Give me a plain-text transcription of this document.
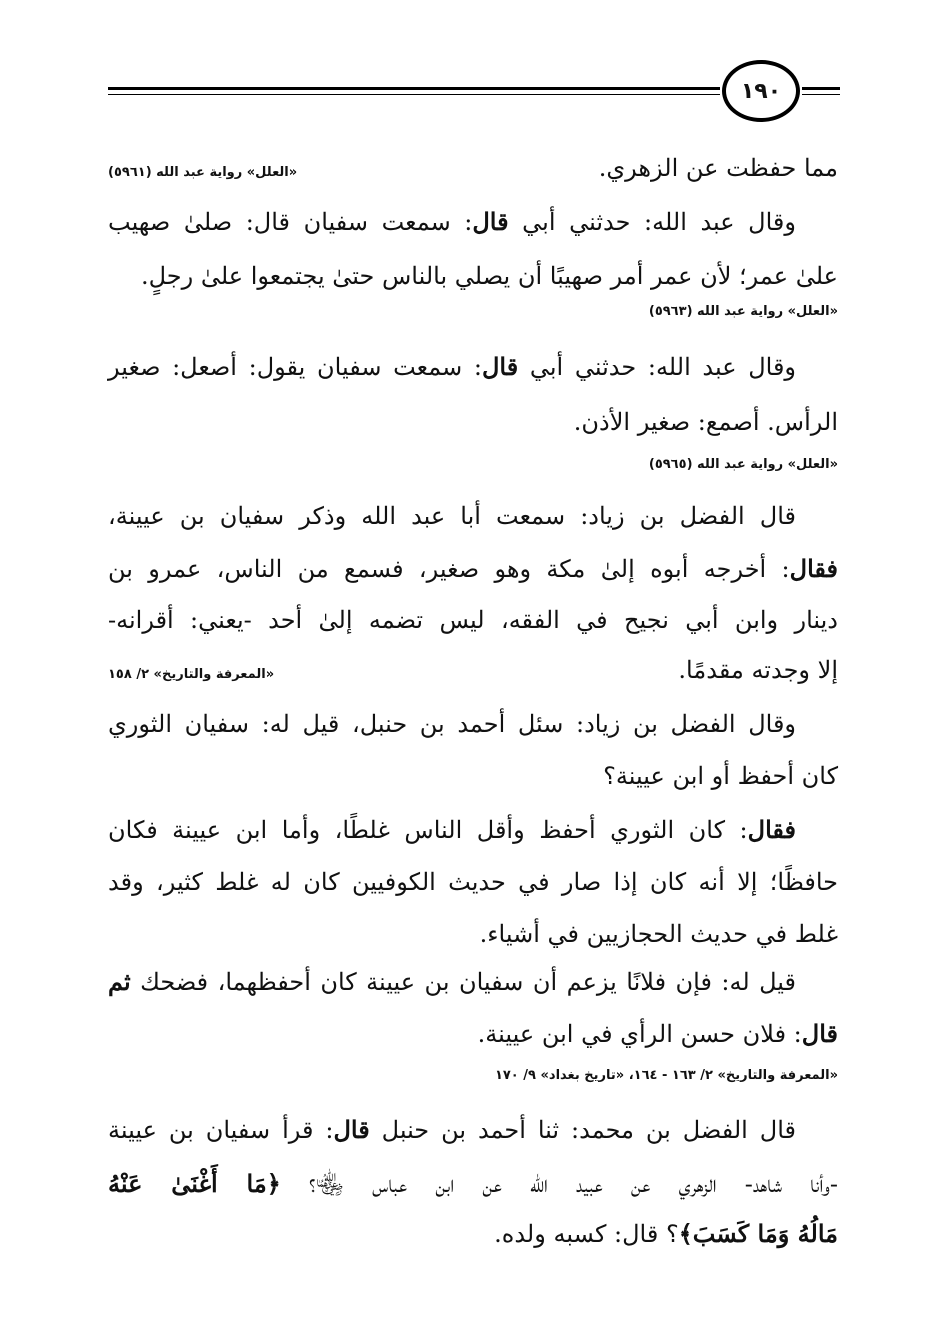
١٩٠
مما حفظت عن الزهري.
«العلل» رواية عبد الله (٥٩٦١)
وقال عبد الله: حدثني أبي قال: سمعت سفيان قال: صلىٰ صهيب
علىٰ عمر؛ لأن عمر أمر صهيبًا أن يصلي بالناس حتىٰ يجتمعوا علىٰ رجلٍ.
«العلل» رواية عبد الله (٥٩٦٣)
وقال عبد الله: حدثني أبي قال: سمعت سفيان يقول: أصعل: صغير
الرأس. أصمع: صغير الأذن.
«العلل» رواية عبد الله (٥٩٦٥)
قال الفضل بن زياد: سمعت أبا عبد الله وذكر سفيان بن عيينة،
فقال: أخرجه أبوه إلىٰ مكة وهو صغير، فسمع من الناس، عمرو بن
دينار وابن أبي نجيح في الفقه، ليس تضمه إلىٰ أحد -يعني: أقرانه-
إلا وجدته مقدمًا.
«المعرفة والتاريخ» ٢/ ١٥٨
وقال الفضل بن زياد: سئل أحمد بن حنبل، قيل له: سفيان الثوري
كان أحفظ أو ابن عيينة؟
فقال: كان الثوري أحفظ وأقل الناس غلطًا، وأما ابن عيينة فكان
حافظًا؛ إلا أنه كان إذا صار في حديث الكوفيين كان له غلط كثير، وقد
غلط في حديث الحجازيين في أشياء.
قيل له: فإن فلانًا يزعم أن سفيان بن عيينة كان أحفظهما، فضحك ثم
قال: فلان حسن الرأي في ابن عيينة.
«المعرفة والتاريخ» ٢/ ١٦٣ - ١٦٤، «تاريخ بغداد» ٩/ ١٧٠
قال الفضل بن محمد: ثنا أحمد بن حنبل قال: قرأ سفيان بن عيينة
-وأنا شاهد- الزهري عن عبيد الله عن ابن عباس ﵄؟ ﴿مَا أَغْنَىٰ عَنْهُ
مَالُهُ وَمَا كَسَبَ﴾؟ قال: كسبه ولده.
